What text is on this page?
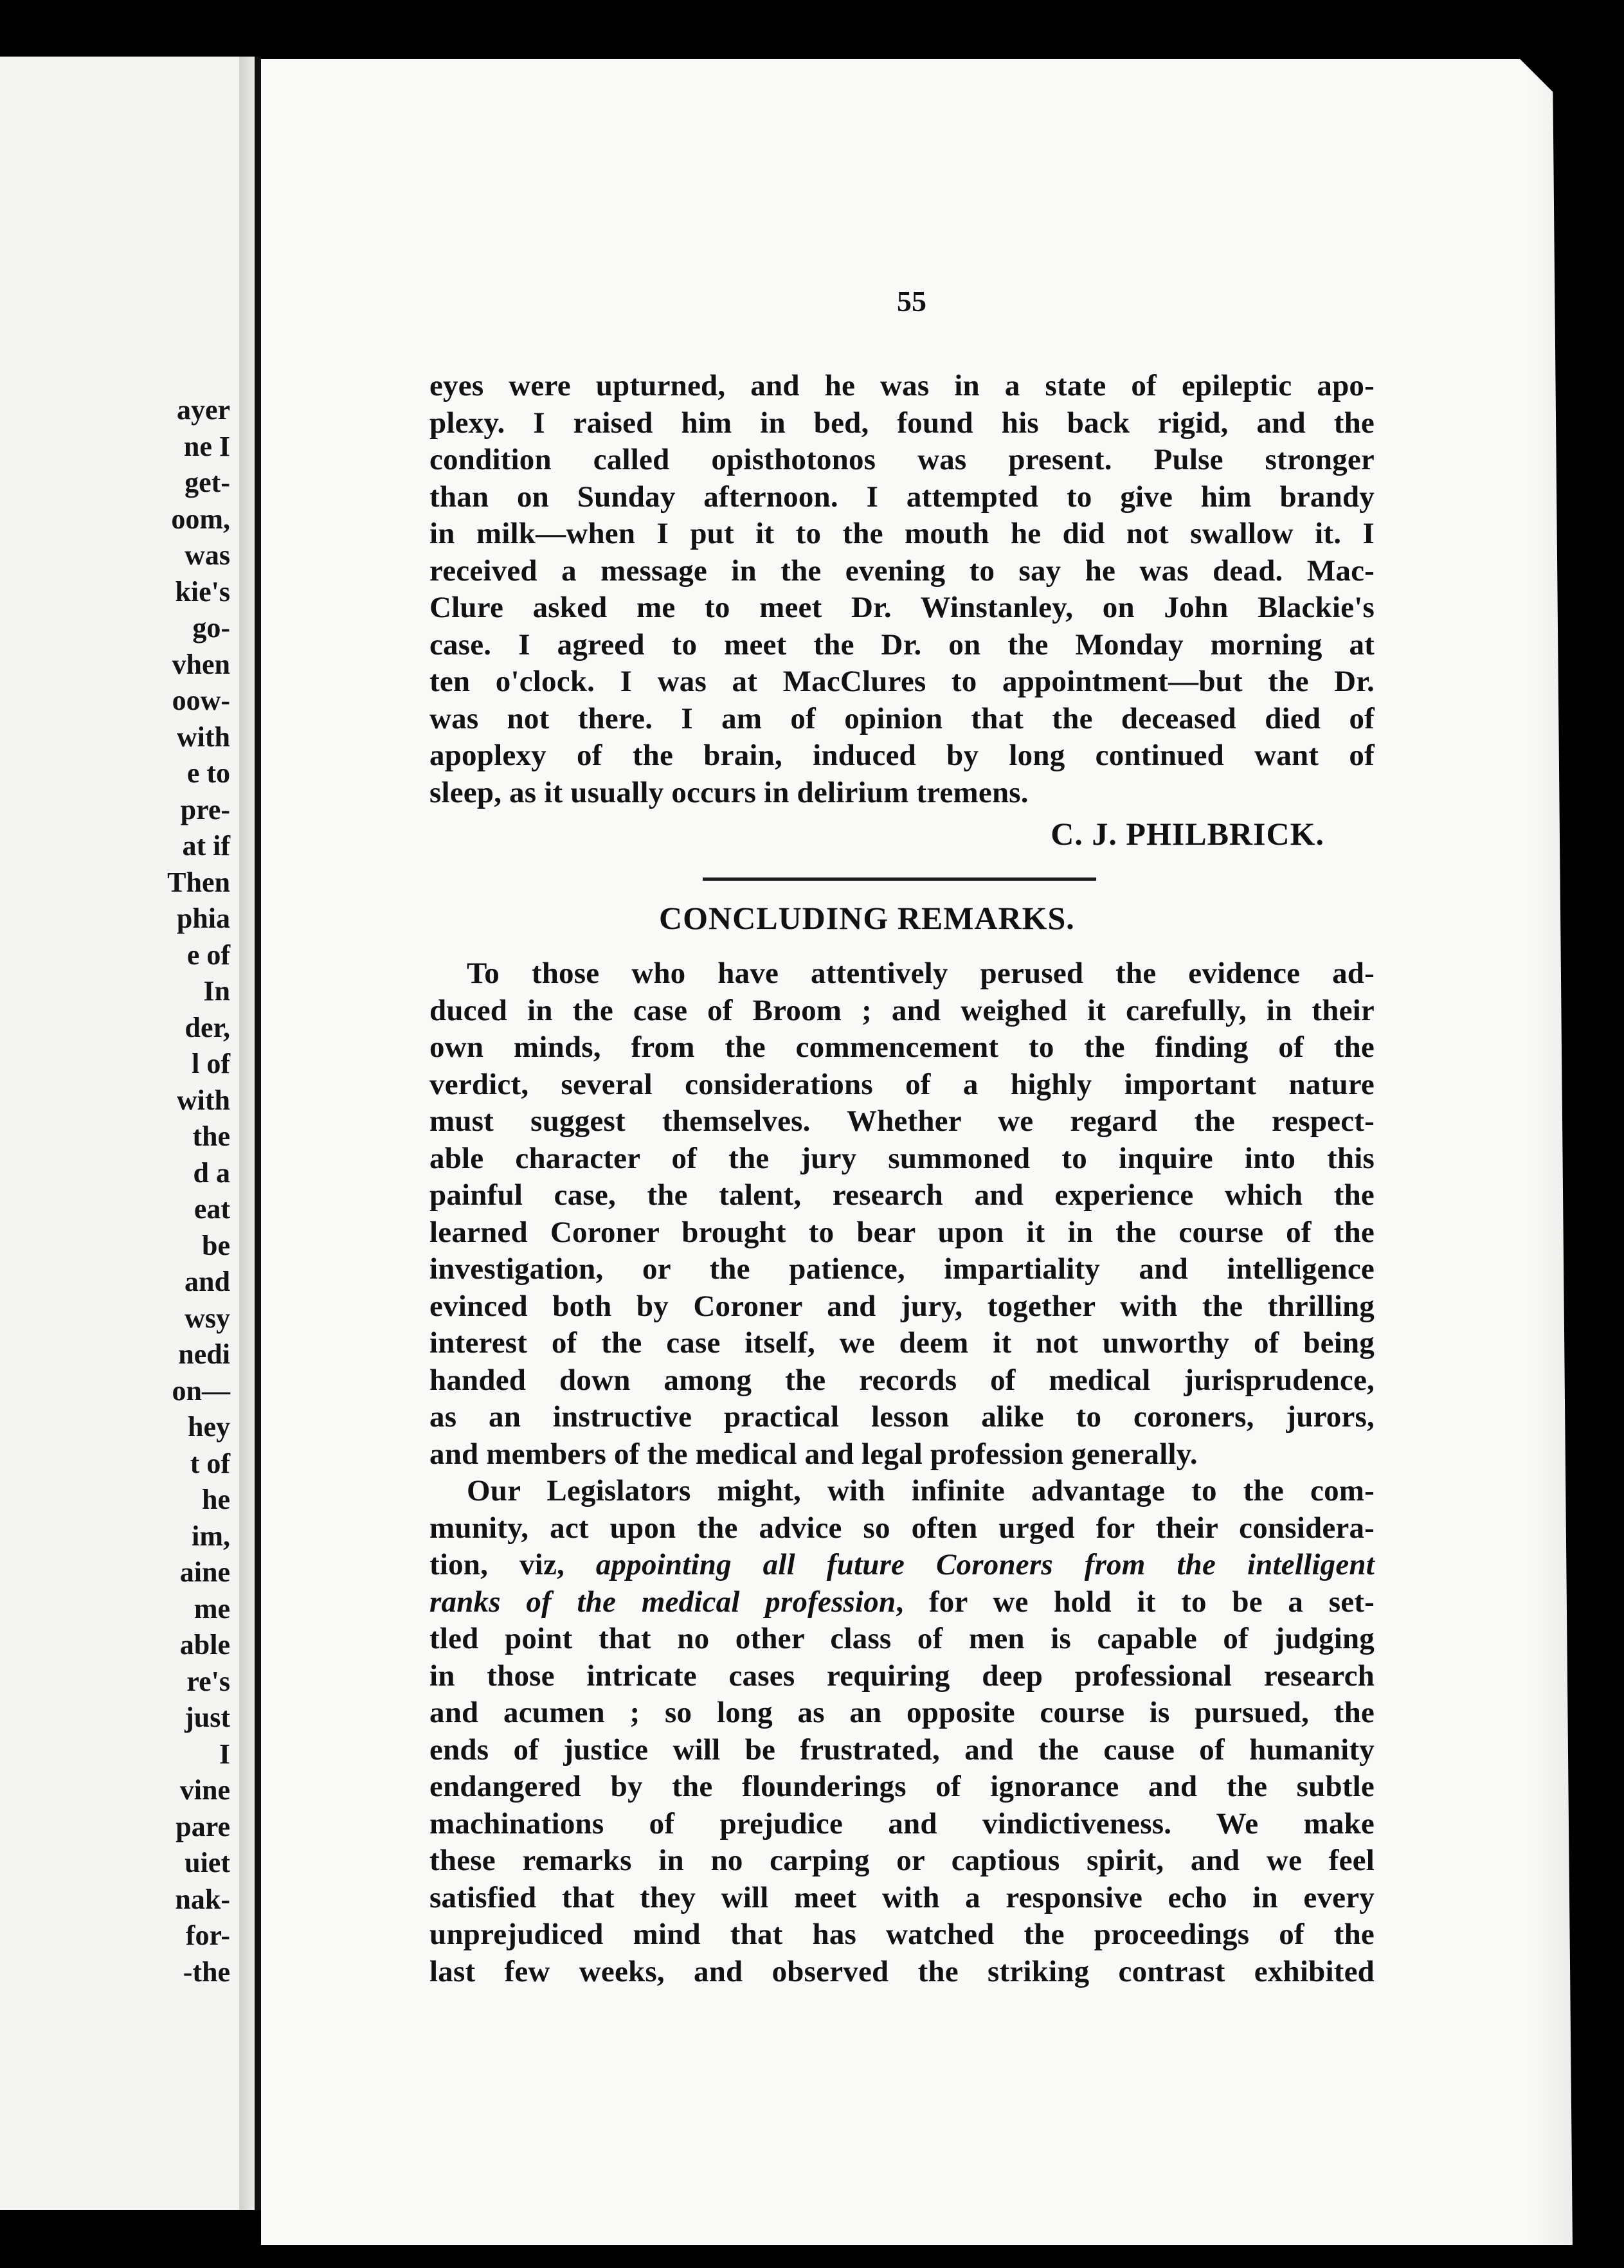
ayer
ne I
get-
oom,
was
kie's
go-
vhen
oow-
with
e to
pre-
at if
Then
phia
e of
In
der,
l of
with
the
d a
eat
be
and
wsy
nedi
on—
hey
t of
he
im,
aine
me
able
re's
just
I
vine
pare
uiet
nak-
for-
-the
55

eyes were upturned, and he was in a state of epileptic apo-

plexy. I raised him in bed, found his back rigid, and the

condition called opisthotonos was present. Pulse stronger

than on Sunday afternoon. I attempted to give him brandy

in milk—when I put it to the mouth he did not swallow it. I

received a message in the evening to say he was dead. Mac-

Clure asked me to meet Dr. Winstanley, on John Blackie's

case. I agreed to meet the Dr. on the Monday morning at

ten o'clock. I was at MacClures to appointment—but the Dr.

was not there. I am of opinion that the deceased died of

apoplexy of the brain, induced by long continued want of

sleep, as it usually occurs in delirium tremens.

C. J. PHILBRICK.
CONCLUDING REMARKS.

To those who have attentively perused the evidence ad-

duced in the case of Broom ; and weighed it carefully, in their

own minds, from the commencement to the finding of the

verdict, several considerations of a highly important nature

must suggest themselves. Whether we regard the respect-

able character of the jury summoned to inquire into this

painful case, the talent, research and experience which the

learned Coroner brought to bear upon it in the course of the

investigation, or the patience, impartiality and intelligence

evinced both by Coroner and jury, together with the thrilling

interest of the case itself, we deem it not unworthy of being

handed down among the records of medical jurisprudence,

as an instructive practical lesson alike to coroners, jurors,

and members of the medical and legal profession generally.

Our Legislators might, with infinite advantage to the com-

munity, act upon the advice so often urged for their considera-

tion, viz, appointing all future Coroners from the intelligent

ranks of the medical profession, for we hold it to be a set-

tled point that no other class of men is capable of judging

in those intricate cases requiring deep professional research

and acumen ; so long as an opposite course is pursued, the

ends of justice will be frustrated, and the cause of humanity

endangered by the flounderings of ignorance and the subtle

machinations of prejudice and vindictiveness. We make

these remarks in no carping or captious spirit, and we feel

satisfied that they will meet with a responsive echo in every

unprejudiced mind that has watched the proceedings of the

last few weeks, and observed the striking contrast exhibited
